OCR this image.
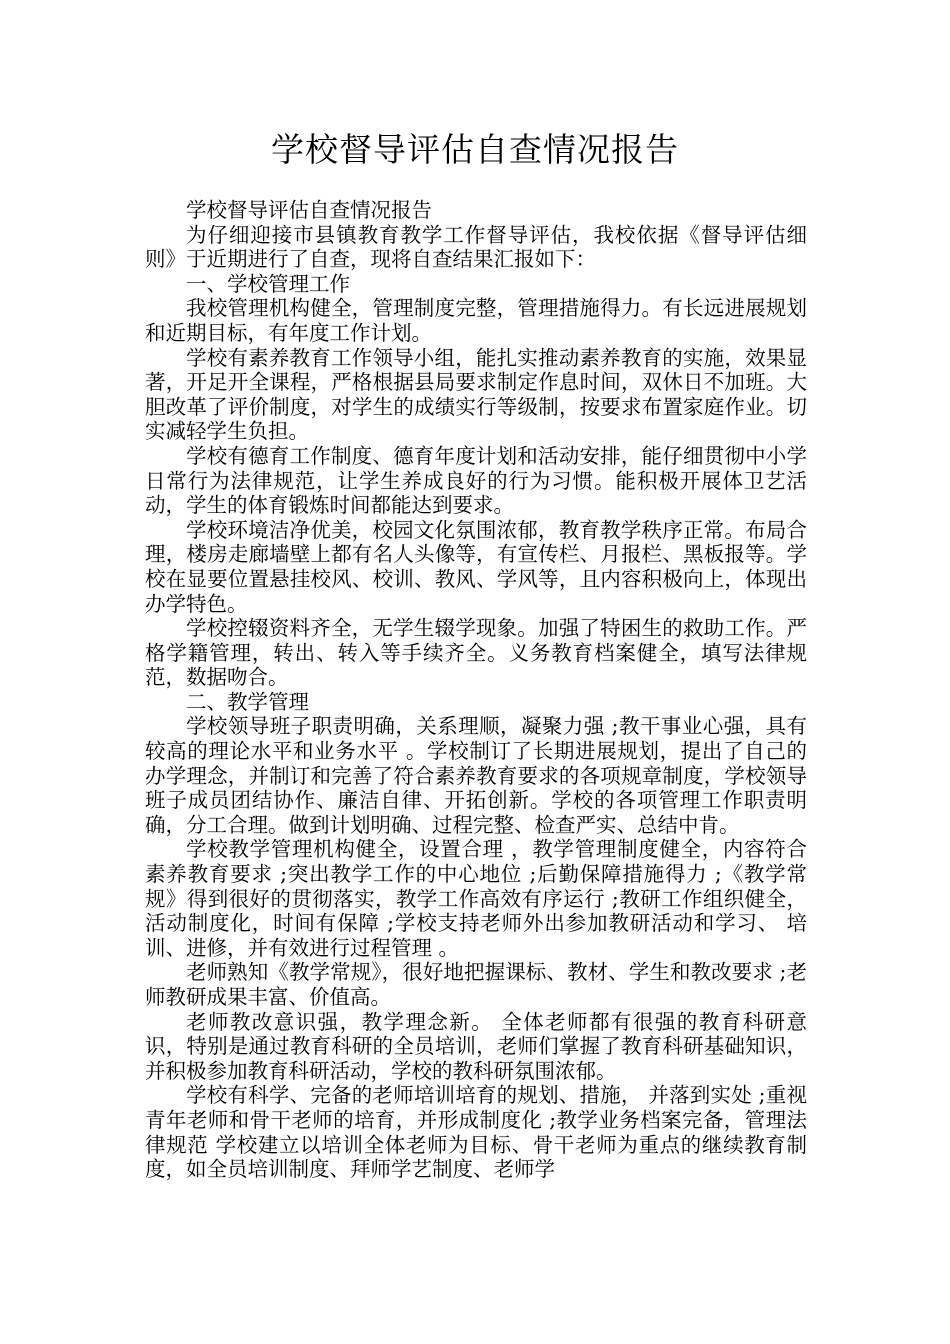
学校督导评估自查情况报告

学校督导评估自查情况报告

为仔细迎接市县镇教育教学工作督导评估，我校依据《督导评估细则》于近期进行了自查，现将自查结果汇报如下：

一、学校管理工作

我校管理机构健全，管理制度完整，管理措施得力。有长远进展规划和近期目标，有年度工作计划。

学校有素养教育工作领导小组，能扎实推动素养教育的实施，效果显著，开足开全课程，严格根据县局要求制定作息时间，双休日不加班。大胆改革了评价制度，对学生的成绩实行等级制，按要求布置家庭作业。切实减轻学生负担。

学校有德育工作制度、德育年度计划和活动安排，能仔细贯彻中小学日常行为法律规范，让学生养成良好的行为习惯。能积极开展体卫艺活动，学生的体育锻炼时间都能达到要求。

学校环境洁净优美，校园文化氛围浓郁，教育教学秩序正常。布局合理，楼房走廊墙壁上都有名人头像等，有宣传栏、月报栏、黑板报等。学校在显要位置悬挂校风、校训、教风、学风等，且内容积极向上，体现出办学特色。

学校控辍资料齐全，无学生辍学现象。加强了特困生的救助工作。严格学籍管理，转出、转入等手续齐全。义务教育档案健全，填写法律规范，数据吻合。

二、教学管理

学校领导班子职责明确，关系理顺，凝聚力强 ;教干事业心强，具有较高的理论水平和业务水平 。学校制订了长期进展规划，提出了自己的办学理念，并制订和完善了符合素养教育要求的各项规章制度，学校领导班子成员团结协作、廉洁自律、开拓创新。学校的各项管理工作职责明确，分工合理。做到计划明确、过程完整、检查严实、总结中肯。

学校教学管理机构健全，设置合理 ，教学管理制度健全，内容符合素养教育要求 ;突出教学工作的中心地位 ;后勤保障措施得力 ;《教学常规》得到很好的贯彻落实，教学工作高效有序运行 ;教研工作组织健全，活动制度化，时间有保障 ;学校支持老师外出参加教研活动和学习、 培训、进修，并有效进行过程管理 。

老师熟知《教学常规》，很好地把握课标、教材、学生和教改要求 ;老师教研成果丰富、价值高。

老师教改意识强，教学理念新。 全体老师都有很强的教育科研意识，特别是通过教育科研的全员培训，老师们掌握了教育科研基础知识，并积极参加教育科研活动，学校的教科研氛围浓郁。

学校有科学、完备的老师培训培育的规划、措施， 并落到实处 ;重视青年老师和骨干老师的培育，并形成制度化 ;教学业务档案完备，管理法律规范 学校建立以培训全体老师为目标、骨干老师为重点的继续教育制度，如全员培训制度、拜师学艺制度、老师学
